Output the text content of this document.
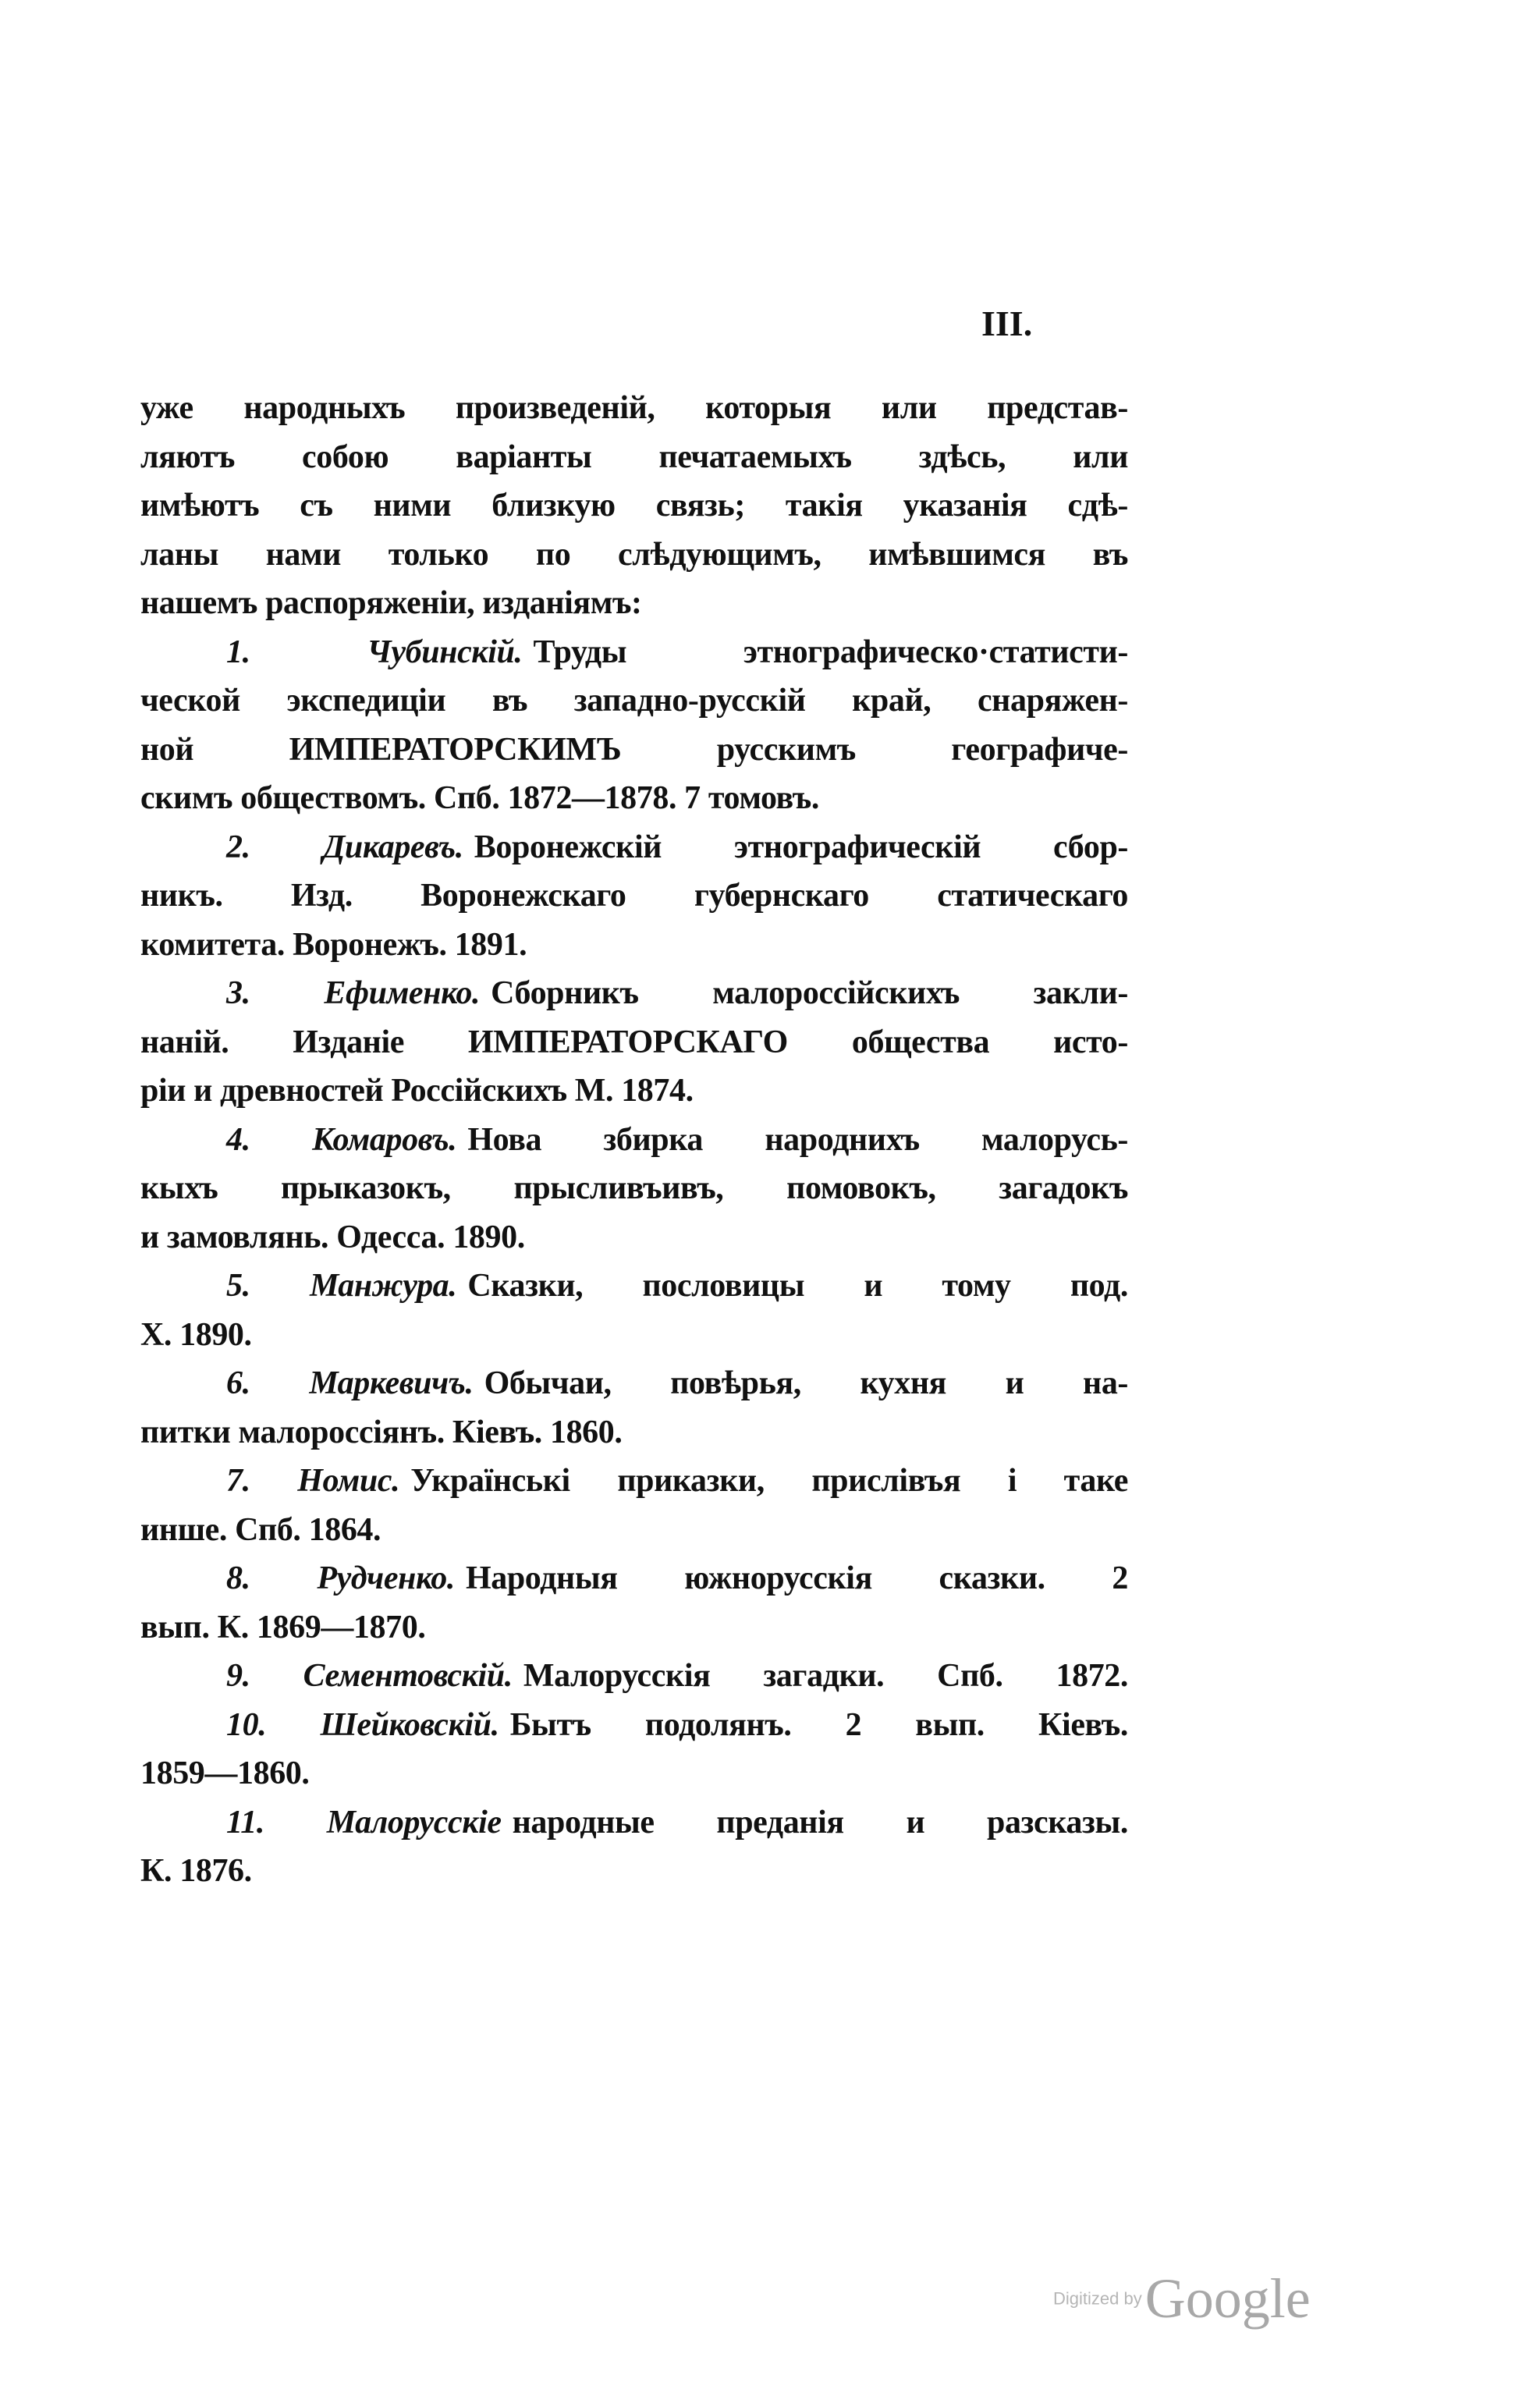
III.
уже народныхъ произведеній, которыя или представ-
ляютъ собою варіанты печатаемыхъ здѣсь, или
имѣютъ съ ними близкую связь; такія указанія сдѣ-
ланы нами только по слѣдующимъ, имѣвшимся въ
нашемъ распоряженіи, изданіямъ:
1.	Чубинскій. Труды этнографическо·статисти-
ческой экспедиціи въ западно-русскій край, снаряжен-
ной ИМПЕРАТОРСКИМЪ русскимъ географиче-
скимъ обществомъ. Спб. 1872—1878. 7 томовъ.
2. Дикаревъ. Воронежскій этнографическій сбор-
никъ. Изд. Воронежскаго губернскаго статическаго
комитета. Воронежъ. 1891.
3. Ефименко. Сборникъ малороссійскихъ закли-
наній. Изданіе ИМПЕРАТОРСКАГО общества исто-
ріи и древностей Россійскихъ М. 1874.
4. Комаровъ. Нова збирка народнихъ малорусь-
кыхъ прыказокъ, прысливъивъ, помовокъ, загадокъ
и замовлянь. Одесса. 1890.
5. Манжура. Сказки, пословицы и тому под.
Х. 1890.
6. Маркевичъ. Обычаи, повѣрья, кухня и на-
питки малороссіянъ. Кіевъ. 1860.
7. Номис. Українські приказки, прислівъя і таке
инше. Спб. 1864.
8. Рудченко. Народныя южнорусскія сказки. 2
вып. К. 1869—1870.
9. Сементовскій. Малорусскія загадки. Спб. 1872.
10. Шейковскій. Бытъ подолянъ. 2 вып. Кіевъ.
1859—1860.
11. Малорусскіе народные преданія и разсказы.
К. 1876.
Digitized by Google
